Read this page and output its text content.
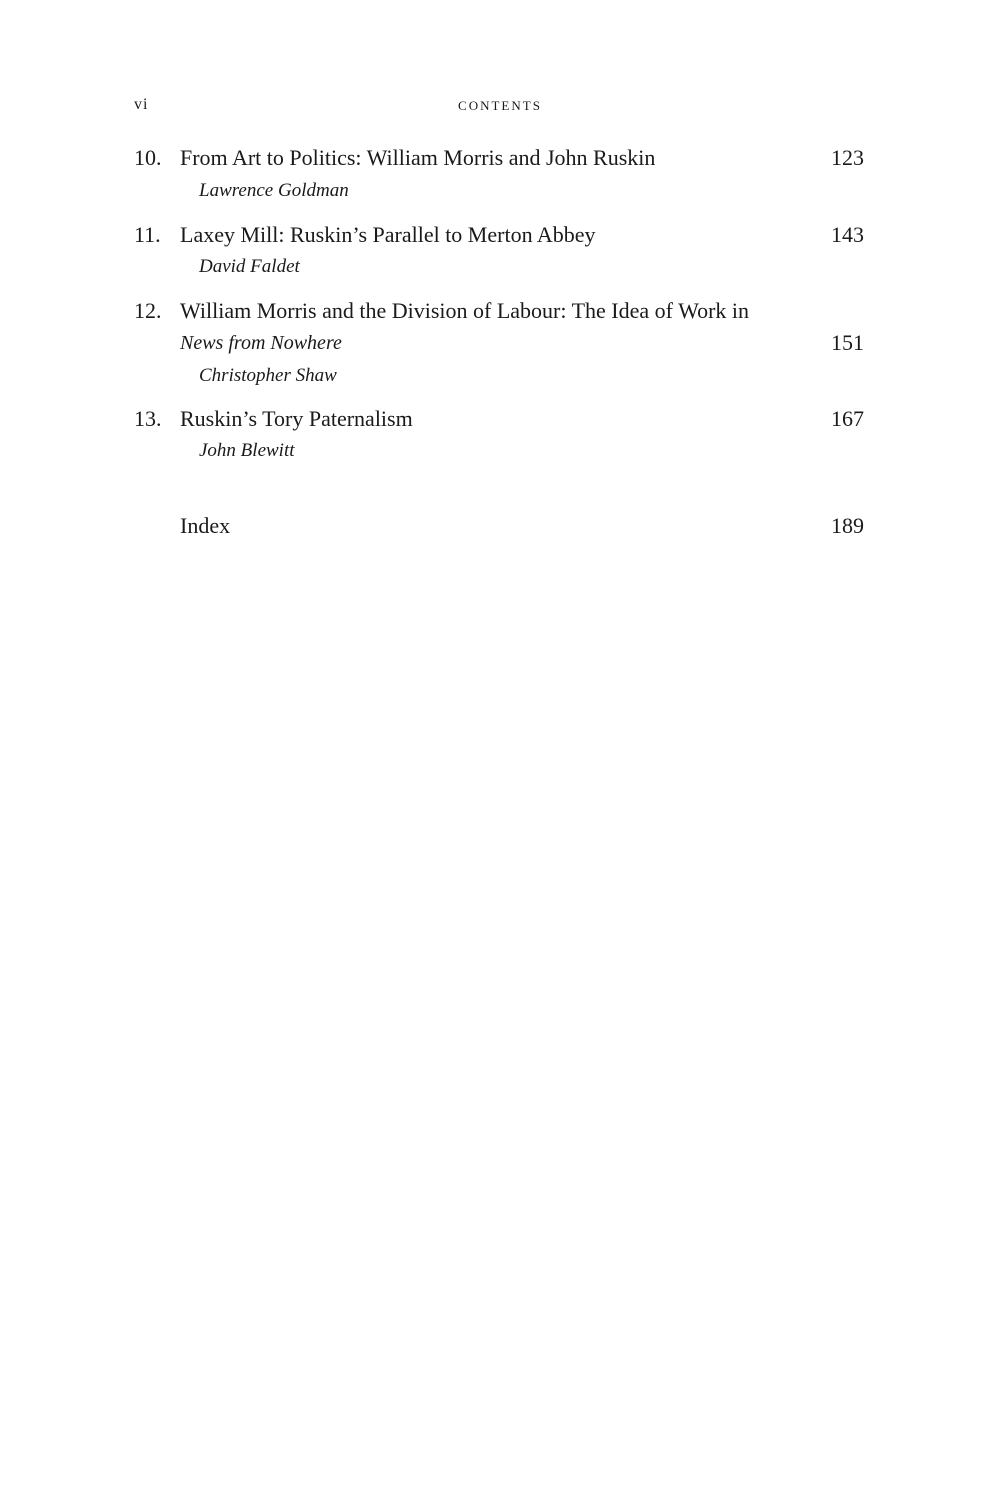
vi	CONTENTS
10. From Art to Politics: William Morris and John Ruskin	123
Lawrence Goldman
11. Laxey Mill: Ruskin’s Parallel to Merton Abbey	143
David Faldet
12. William Morris and the Division of Labour: The Idea of Work in
News from Nowhere	151
Christopher Shaw
13. Ruskin’s Tory Paternalism	167
John Blewitt
Index	189
